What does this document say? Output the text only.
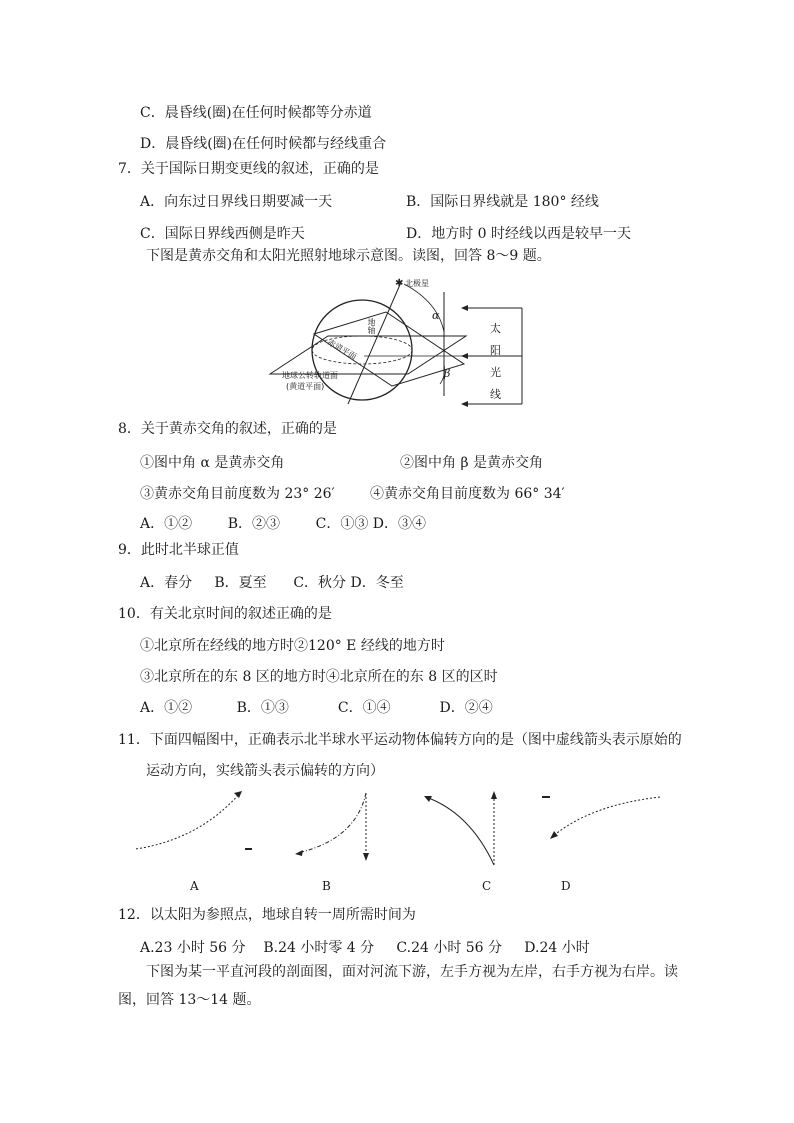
C．晨昏线(圈)在任何时候都等分赤道
D．晨昏线(圈)在任何时候都与经线重合
7．关于国际日期变更线的叙述，正确的是
A．向东过日界线日期要减一天	B．国际日界线就是 180° 经线
C．国际日界线西侧是昨天	D．地方时 0 时经线以西是较早一天
下图是黄赤交角和太阳光照射地球示意图。读图，回答 8～9 题。
✱ 北极星
α
β
地轴
赤道平面
地球公转轨道面
(黄道平面)
太
阳
光
线
8．关于黄赤交角的叙述，正确的是
①图中角 α 是黄赤交角	②图中角 β 是黄赤交角
③黄赤交角目前度数为 23° 26′	④黄赤交角目前度数为 66° 34′
A．①②        B．②③        C．①③ D．③④
9．此时北半球正值
A．春分     B．夏至      C．秋分 D．冬至
10．有关北京时间的叙述正确的是
①北京所在经线的地方时②120° E 经线的地方时
③北京所在的东 8 区的地方时④北京所在的东 8 区的区时
A．①②          B．①③           C．①④           D．②④
11．下面四幅图中，正确表示北半球水平运动物体偏转方向的是（图中虚线箭头表示原始的
运动方向，实线箭头表示偏转的方向）
A	B	C	D
12．以太阳为参照点，地球自转一周所需时间为
A.23 小时 56 分    B.24 小时零 4 分     C.24 小时 56 分     D.24 小时
下图为某一平直河段的剖面图，面对河流下游，左手方视为左岸，右手方视为右岸。读
图，回答 13～14 题。
